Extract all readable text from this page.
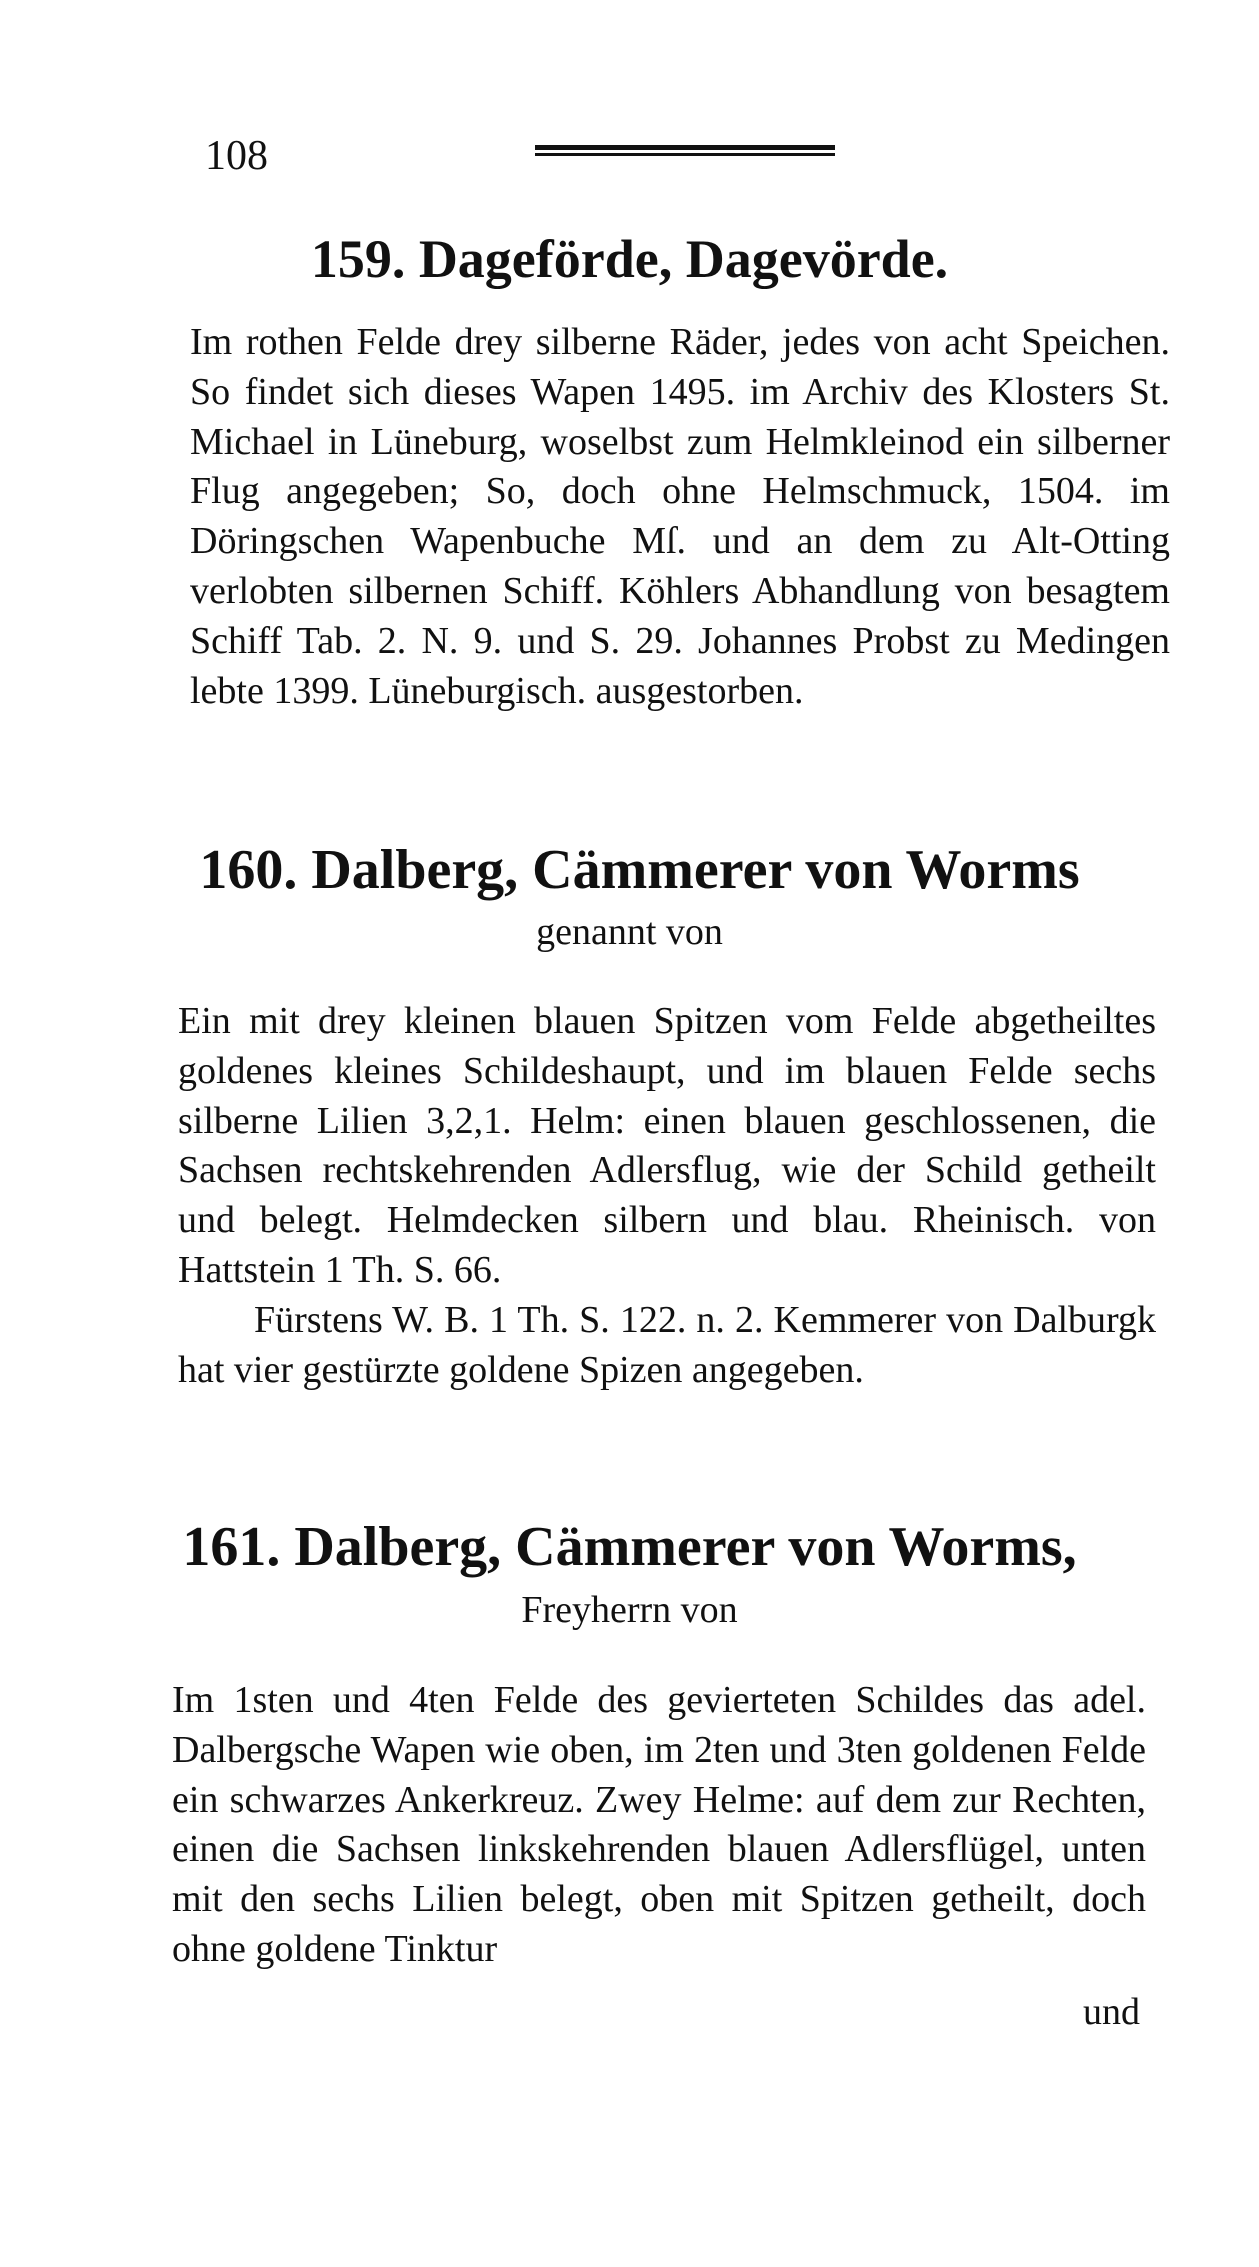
108
159. Dagefördе, Dagevörde.

Im rothen Felde drey silberne Räder, jedes von acht Speichen. So findet sich dieses Wapen 1495. im Archiv des Klosters St. Michael in Lüneburg, woselbst zum Helmkleinod ein silberner Flug angegeben; So, doch ohne Helmschmuck, 1504. im Döringschen Wapenbuche Mſ. und an dem zu Alt-Otting verlobten silbernen Schiff. Köhlers Abhandlung von besagtem Schiff Tab. 2. N. 9. und S. 29. Johannes Probst zu Medingen lebte 1399. Lüneburgisch. ausgestorben.

160. Dalberg, Cämmerer von Worms
genannt von

Ein mit drey kleinen blauen Spitzen vom Felde abgetheiltes goldenes kleines Schildeshaupt, und im blauen Felde sechs silberne Lilien 3,2,1. Helm: einen blauen geschlossenen, die Sachsen rechtskehrenden Adlersflug, wie der Schild getheilt und belegt. Helmdecken silbern und blau. Rheinisch. von Hattstein 1 Th. S. 66.

Fürstens W. B. 1 Th. S. 122. n. 2. Kemmerer von Dalburgk hat vier gestürzte goldene Spizen angegeben.

161. Dalberg, Cämmerer von Worms,
Freyherrn von

Im 1sten und 4ten Felde des gevierteten Schildes das adel. Dalbergsche Wapen wie oben, im 2ten und 3ten goldenen Felde ein schwarzes Ankerkreuz. Zwey Helme: auf dem zur Rechten, einen die Sachsen linkskehrenden blauen Adlersflügel, unten mit den sechs Lilien belegt, oben mit Spitzen getheilt, doch ohne goldene Tinktur

und
